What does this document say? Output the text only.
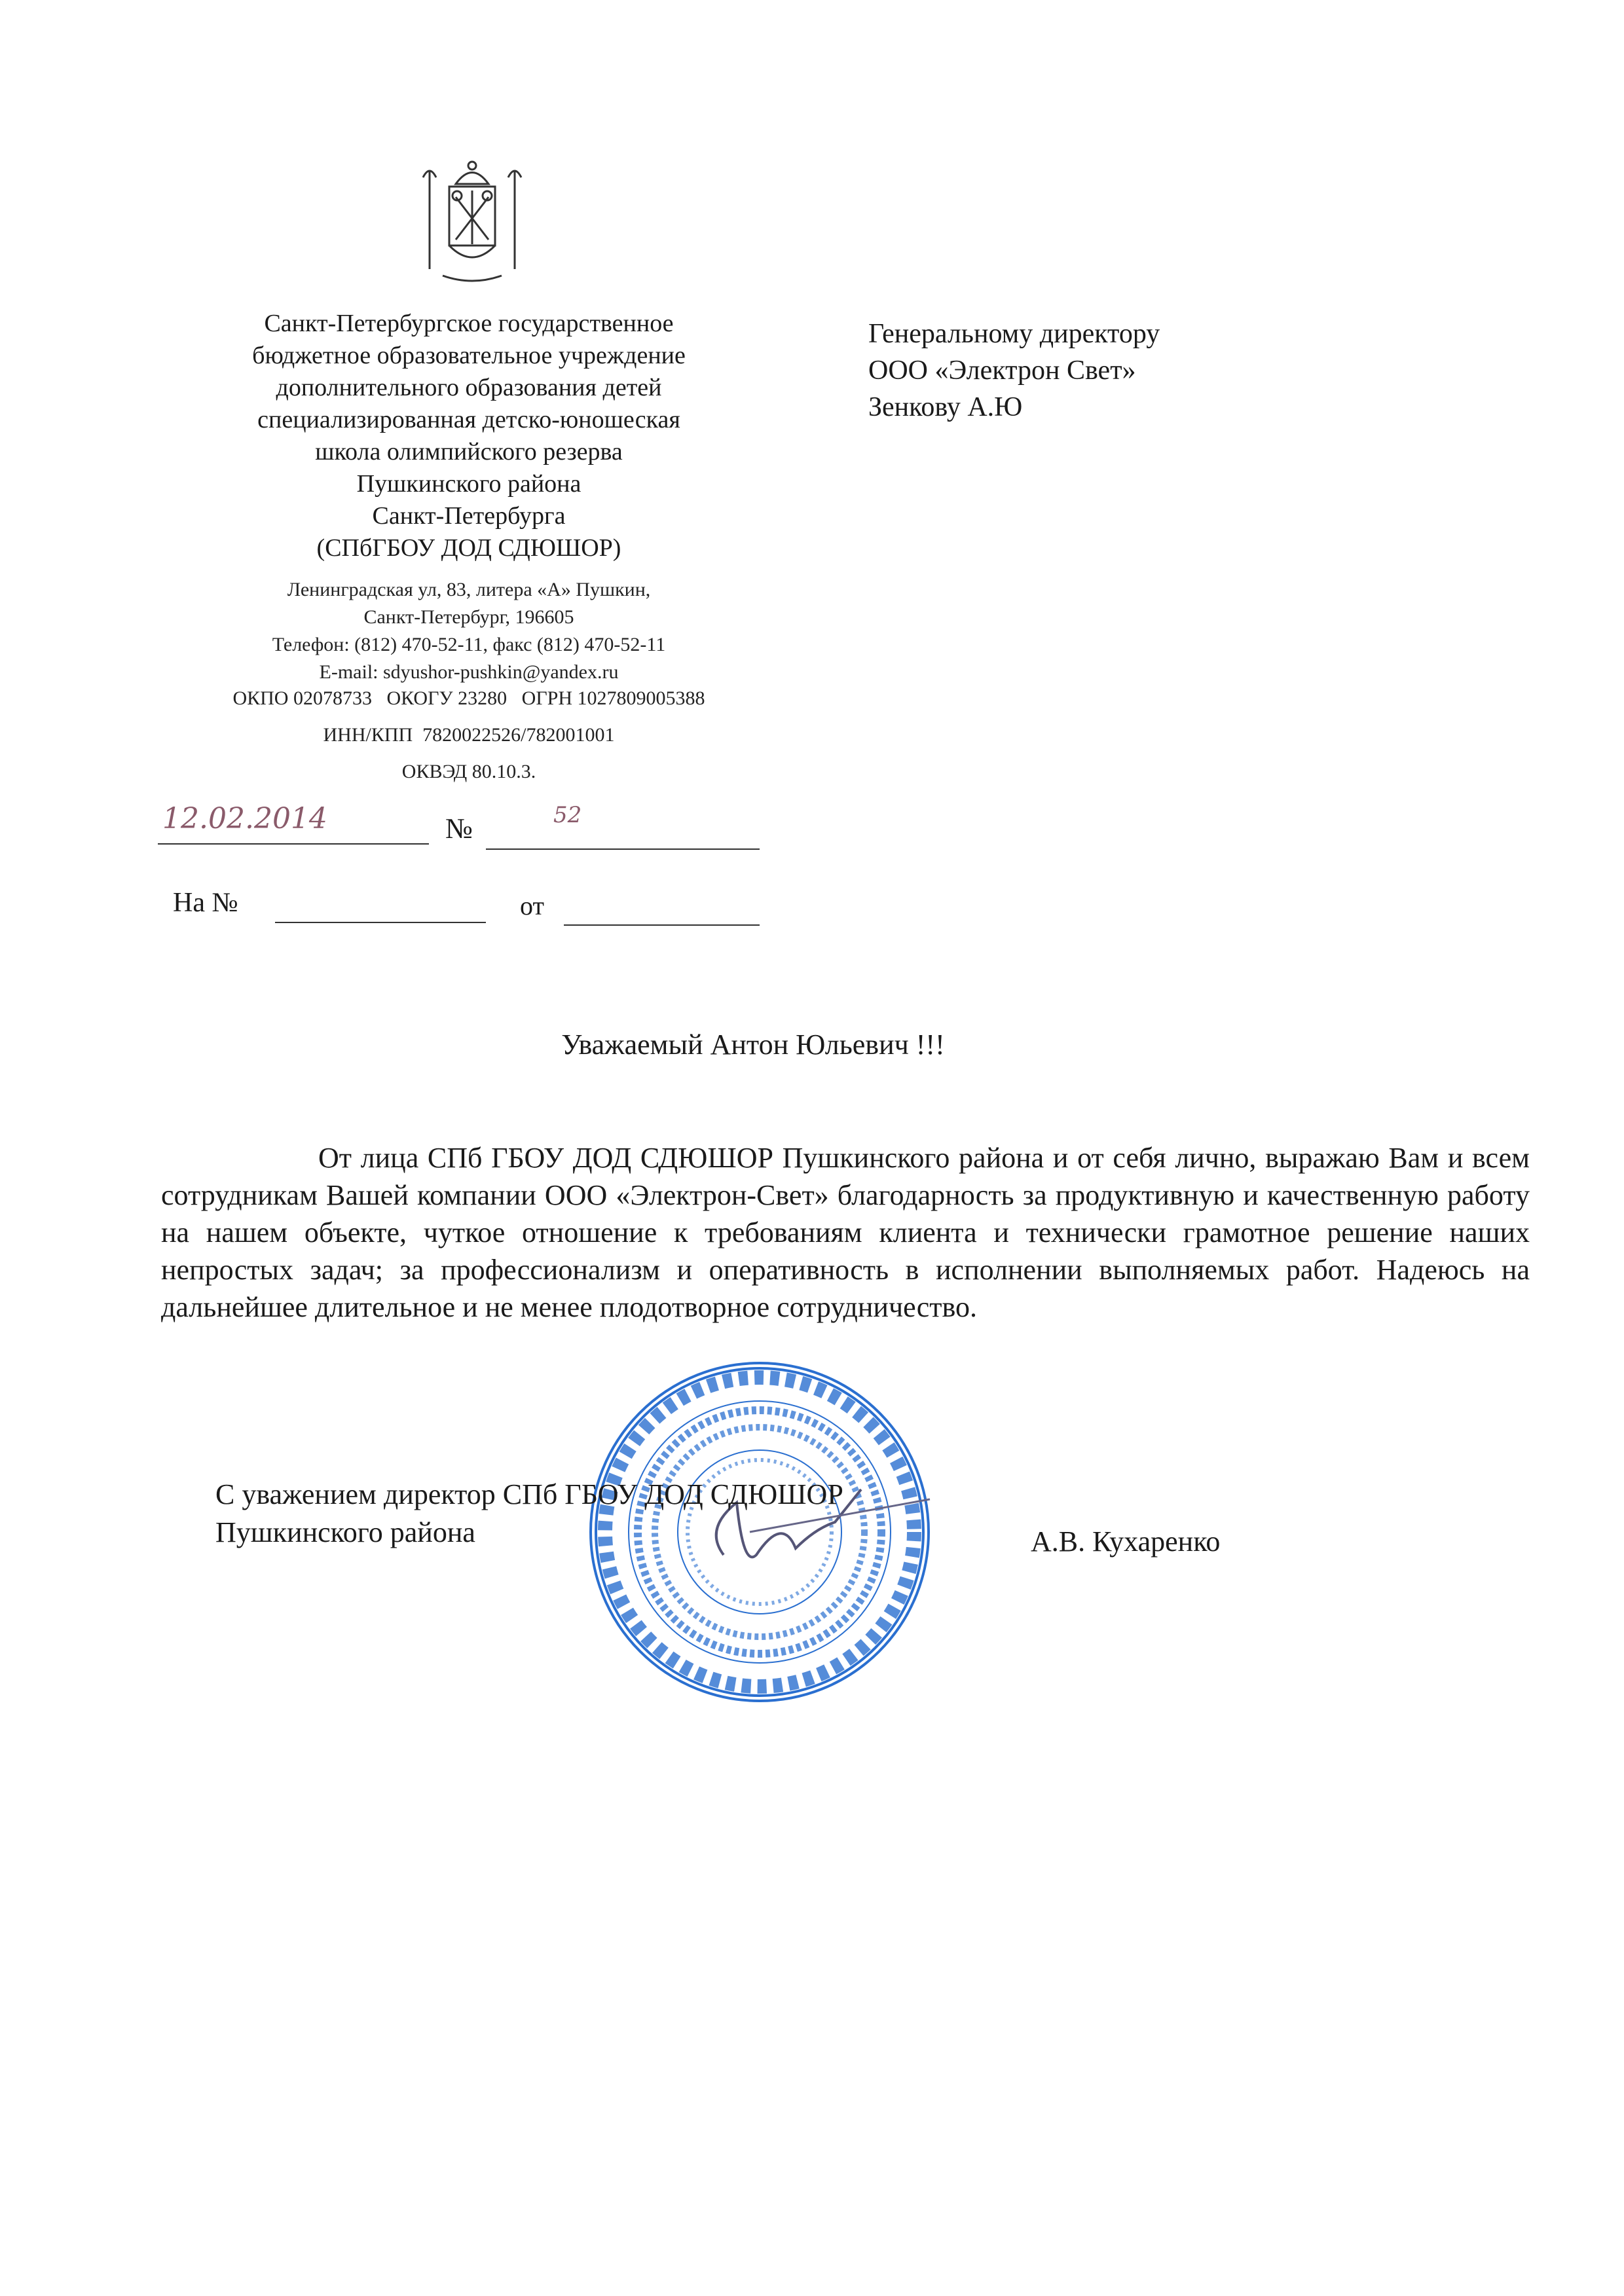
Санкт-Петербургское государственное
бюджетное образовательное учреждение
дополнительного образования детей
специализированная детско-юношеская
школа олимпийского резерва
Пушкинского района
Санкт-Петербурга
(СПбГБОУ ДОД СДЮШОР)
Ленинградская ул, 83, литера «А» Пушкин,
Санкт-Петербург, 196605
Телефон: (812) 470-52-11, факс (812) 470-52-11
E-mail: sdyushor-pushkin@yandex.ru
ОКПО 02078733   ОКОГУ 23280   ОГРН 1027809005388
ИНН/КПП  7820022526/782001001
ОКВЭД 80.10.3.
Генеральному директору
ООО «Электрон Свет»
Зенкову А.Ю
12.02.2014	№	52
На №	от
Уважаемый Антон Юльевич !!!

От лица СПб ГБОУ ДОД СДЮШОР Пушкинского района и от себя лично, выражаю Вам и всем сотрудникам Вашей компании ООО «Электрон-Свет» благодарность за продуктивную и качественную работу на нашем объекте, чуткое отношение к требованиям клиента и технически грамотное решение наших непростых задач; за профессионализм и оперативность в исполнении выполняемых работ. Надеюсь на дальнейшее длительное и не менее плодотворное сотрудничество.

С уважением директор СПб ГБОУ ДОД СДЮШОР
Пушкинского района	А.В. Кухаренко
